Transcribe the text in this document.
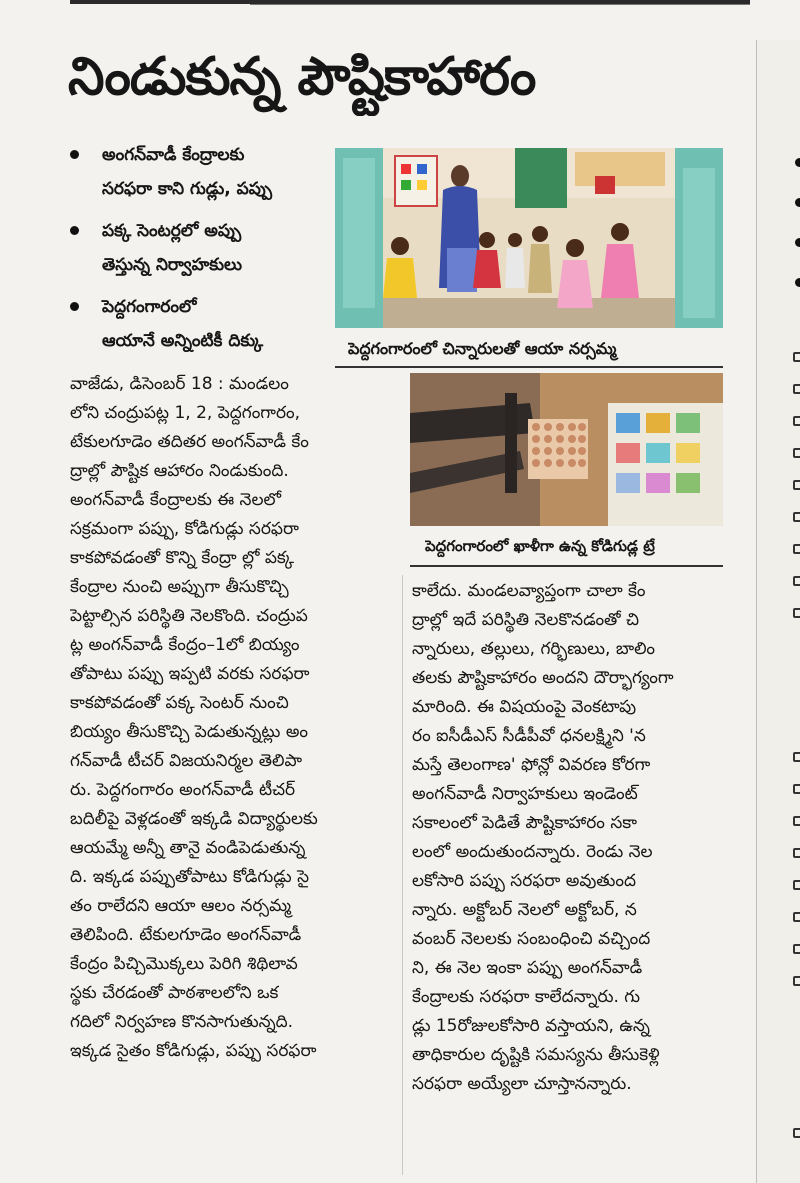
నిండుకున్న పౌష్టికాహారం
అంగన్‌వాడీ కేంద్రాలకు
సరఫరా కాని గుడ్లు, పప్పు
పక్క సెంటర్లలో అప్పు
తెస్తున్న నిర్వాహకులు
పెద్దగంగారంలో
ఆయానే అన్నింటికీ దిక్కు	పెద్దగంగారంలో చిన్నారులతో ఆయా నర్సమ్మ
పెద్దగంగారంలో ఖాళీగా ఉన్న కోడిగుడ్ల ట్రే
వాజేడు, డిసెంబర్ 18 : మండలం
లోని చంద్రుపట్ల 1, 2, పెద్దగంగారం,
టేకులగూడెం తదితర అంగన్‌వాడీ కేం
ద్రాల్లో పౌష్టిక ఆహారం నిండుకుంది.
అంగన్‌వాడీ కేంద్రాలకు ఈ నెలలో
సక్రమంగా పప్పు, కోడిగుడ్లు సరఫరా
కాకపోవడంతో కొన్ని కేంద్రా ల్లో పక్క
కేంద్రాల నుంచి అప్పుగా తీసుకొచ్చి
పెట్టాల్సిన పరిస్థితి నెలకొంది. చంద్రుప
ట్ల అంగన్‌వాడీ కేంద్రం–1లో బియ్యం
తోపాటు పప్పు ఇప్పటి వరకు సరఫరా
కాకపోవడంతో పక్క సెంటర్ నుంచి
బియ్యం తీసుకొచ్చి పెడుతున్నట్లు అం
గన్‌వాడీ టీచర్ విజయనిర్మల తెలిపా
రు. పెద్దగంగారం అంగన్‌వాడీ టీచర్
బదిలీపై వెళ్లడంతో ఇక్కడి విద్యార్థులకు
ఆయమ్మే అన్నీ తానై వండిపెడుతున్న
ది. ఇక్కడ పప్పుతోపాటు కోడిగుడ్లు సై
తం రాలేదని ఆయా ఆలం నర్సమ్మ
తెలిపింది. టేకులగూడెం అంగన్‌వాడీ
కేంద్రం పిచ్చిమొక్కలు పెరిగి శిథిలావ
స్థకు చేరడంతో పాఠశాలలోని ఒక
గదిలో నిర్వహణ కొనసాగుతున్నది.
ఇక్కడ సైతం కోడిగుడ్లు, పప్పు సరఫరా
కాలేదు. మండలవ్యాప్తంగా చాలా కేం
ద్రాల్లో ఇదే పరిస్థితి నెలకొనడంతో చి
న్నారులు, తల్లులు, గర్భిణులు, బాలిం
తలకు పౌష్టికాహారం అందని దౌర్భాగ్యంగా
మారింది. ఈ విషయంపై వెంకటాపు
రం ఐసీడీఎస్ సీడీపీవో ధనలక్ష్మిని 'న
మస్తే తెలంగాణ' ఫోన్లో వివరణ కోరగా
అంగన్‌వాడీ నిర్వాహకులు ఇండెంట్
సకాలంలో పెడితే పౌష్టికాహారం సకా
లంలో అందుతుందన్నారు. రెండు నెల
లకోసారి పప్పు సరఫరా అవుతుంద
న్నారు. అక్టోబర్ నెలలో అక్టోబర్, న
వంబర్ నెలలకు సంబంధించి వచ్చింద
ని, ఈ నెల ఇంకా పప్పు అంగన్‌వాడీ
కేంద్రాలకు సరఫరా కాలేదన్నారు. గు
డ్లు 15రోజులకోసారి వస్తాయని, ఉన్న
తాధికారుల దృష్టికి సమస్యను తీసుకెళ్లి
సరఫరా అయ్యేలా చూస్తానన్నారు.
